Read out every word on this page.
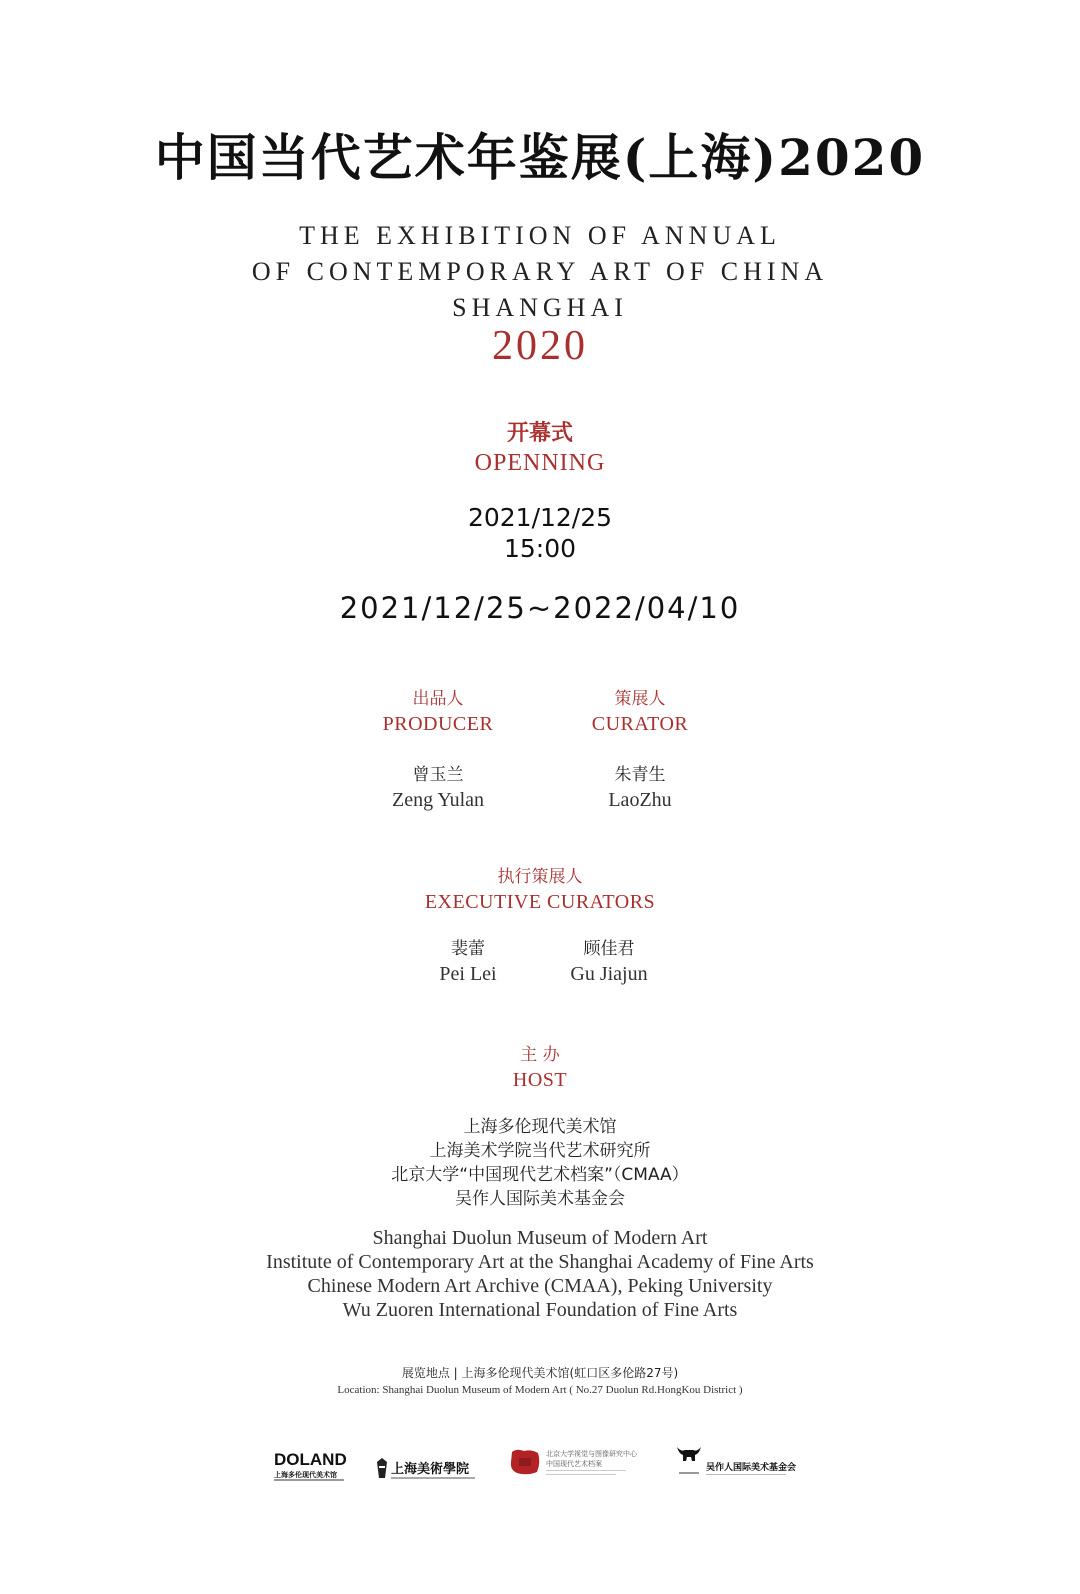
中国当代艺术年鉴展(上海)2020
THE EXHIBITION OF ANNUAL
OF CONTEMPORARY ART OF CHINA
SHANGHAI
2020
开幕式
OPENNING
2021/12/25
15:00
2021/12/25~2022/04/10
出品人
PRODUCER
曾玉兰
Zeng Yulan
策展人
CURATOR
朱青生
LaoZhu
执行策展人
EXECUTIVE CURATORS
裴蕾
Pei Lei
顾佳君
Gu Jiajun
主 办
HOST
上海多伦现代美术馆
上海美术学院当代艺术研究所
北京大学“中国现代艺术档案”（CMAA）
吴作人国际美术基金会
Shanghai Duolun Museum of Modern Art
Institute of Contemporary Art at the Shanghai Academy of Fine Arts
Chinese Modern Art Archive (CMAA), Peking University
Wu Zuoren International Foundation of Fine Arts
展览地点 | 上海多伦现代美术馆(虹口区多伦路27号)
Location: Shanghai Duolun Museum of Modern Art ( No.27 Duolun Rd.HongKou District )
DOLAND
上海多伦现代美术馆	上海美術學院
北京大学视觉与图像研究中心
中国现代艺术档案	吴作人国际美术基金会
